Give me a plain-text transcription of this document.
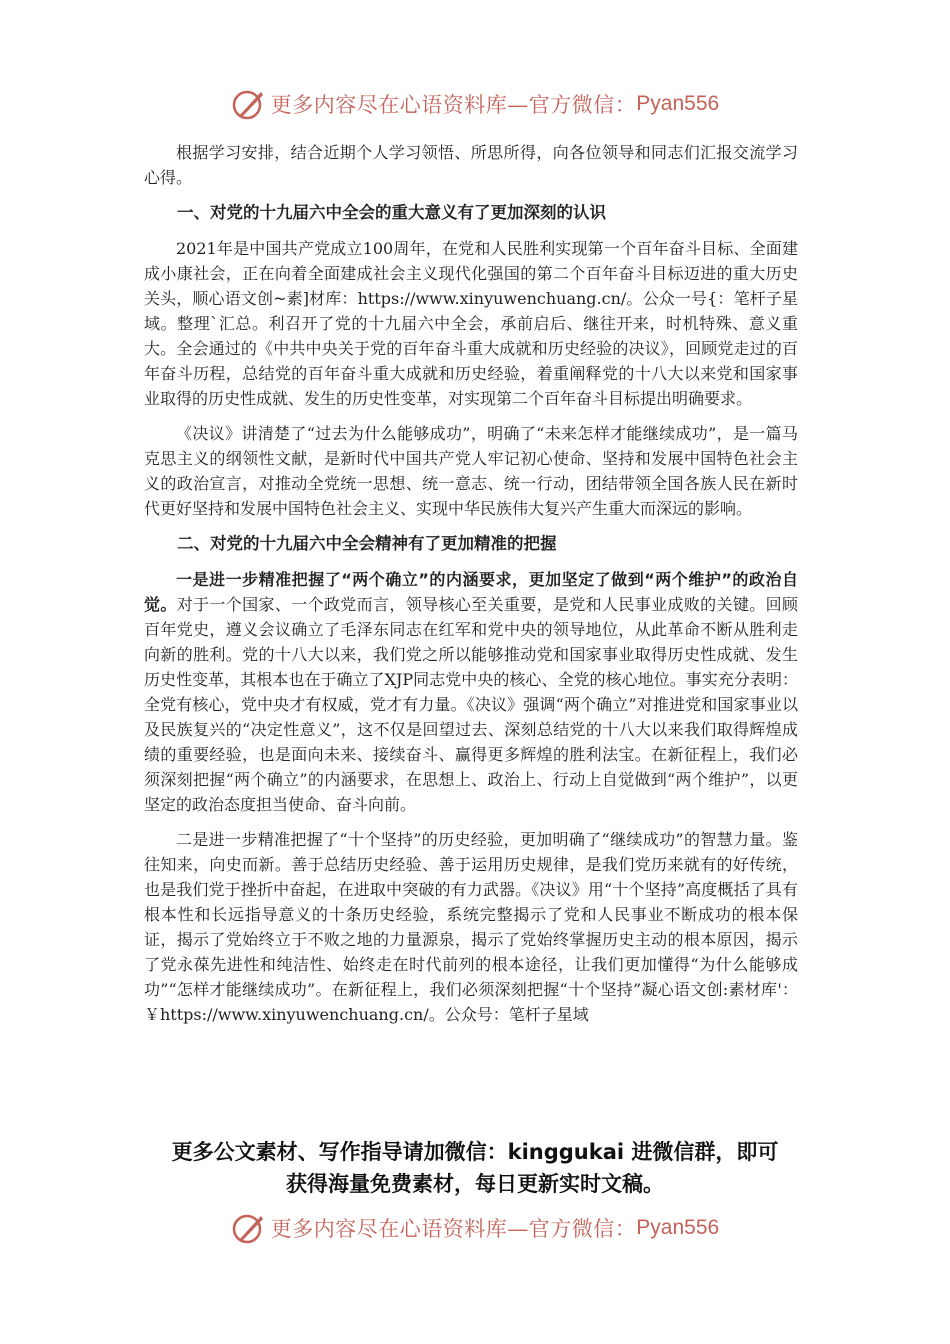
更多内容尽在心语资料库—官方微信： Pyan556

根据学习安排，结合近期个人学习领悟、所思所得，向各位领导和同志们汇报交流学习心得。

一、对党的十九届六中全会的重大意义有了更加深刻的认识

2021年是中国共产党成立100周年，在党和人民胜利实现第一个百年奋斗目标、全面建成小康社会，正在向着全面建成社会主义现代化强国的第二个百年奋斗目标迈进的重大历史关头，顺心语文创~素]材库：https://www.xinyuwenchuang.cn/。公众一号{：笔杆子星域。整理`汇总。利召开了党的十九届六中全会，承前启后、继往开来，时机特殊、意义重大。全会通过的《中共中央关于党的百年奋斗重大成就和历史经验的决议》，回顾党走过的百年奋斗历程，总结党的百年奋斗重大成就和历史经验，着重阐释党的十八大以来党和国家事业取得的历史性成就、发生的历史性变革，对实现第二个百年奋斗目标提出明确要求。

《决议》讲清楚了“过去为什么能够成功”，明确了“未来怎样才能继续成功”，是一篇马克思主义的纲领性文献，是新时代中国共产党人牢记初心使命、坚持和发展中国特色社会主义的政治宣言，对推动全党统一思想、统一意志、统一行动，团结带领全国各族人民在新时代更好坚持和发展中国特色社会主义、实现中华民族伟大复兴产生重大而深远的影响。

二、对党的十九届六中全会精神有了更加精准的把握

一是进一步精准把握了“两个确立”的内涵要求，更加坚定了做到“两个维护”的政治自觉。对于一个国家、一个政党而言，领导核心至关重要，是党和人民事业成败的关键。回顾百年党史，遵义会议确立了毛泽东同志在红军和党中央的领导地位，从此革命不断从胜利走向新的胜利。党的十八大以来，我们党之所以能够推动党和国家事业取得历史性成就、发生历史性变革，其根本也在于确立了XJP同志党中央的核心、全党的核心地位。事实充分表明：全党有核心，党中央才有权威，党才有力量。《决议》强调“两个确立”对推进党和国家事业以及民族复兴的“决定性意义”，这不仅是回望过去、深刻总结党的十八大以来我们取得辉煌成绩的重要经验，也是面向未来、接续奋斗、赢得更多辉煌的胜利法宝。在新征程上，我们必须深刻把握“两个确立”的内涵要求，在思想上、政治上、行动上自觉做到“两个维护”，以更坚定的政治态度担当使命、奋斗向前。

二是进一步精准把握了“十个坚持”的历史经验，更加明确了“继续成功”的智慧力量。鉴往知来，向史而新。善于总结历史经验、善于运用历史规律，是我们党历来就有的好传统，也是我们党于挫折中奋起，在进取中突破的有力武器。《决议》用“十个坚持”高度概括了具有根本性和长远指导意义的十条历史经验，系统完整揭示了党和人民事业不断成功的根本保证，揭示了党始终立于不败之地的力量源泉，揭示了党始终掌握历史主动的根本原因，揭示了党永葆先进性和纯洁性、始终走在时代前列的根本途径，让我们更加懂得“为什么能够成功”“怎样才能继续成功”。在新征程上，我们必须深刻把握“十个坚持”凝心语文创:素材库'：￥https://www.xinyuwenchuang.cn/。公众号：笔杆子星域

更多公文素材、写作指导请加微信：kinggukai 进微信群，即可
获得海量免费素材，每日更新实时文稿。
更多内容尽在心语资料库—官方微信： Pyan556
